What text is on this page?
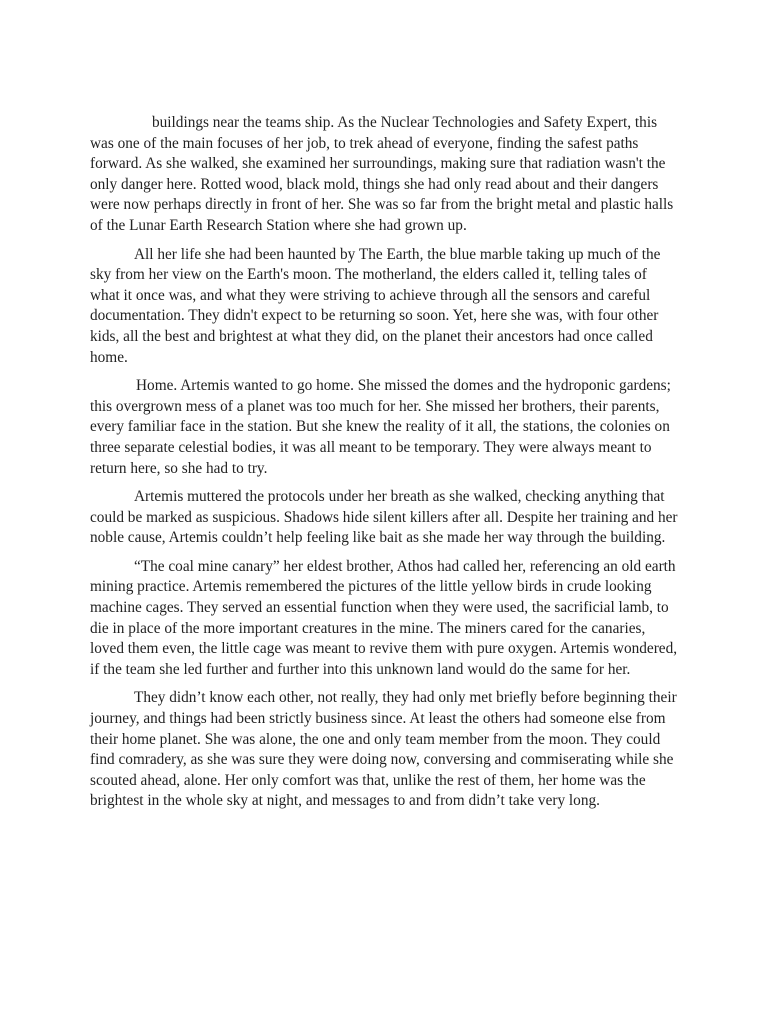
buildings near the teams ship. As the Nuclear Technologies and Safety Expert, this was one of the main focuses of her job, to trek ahead of everyone, finding the safest paths forward. As she walked, she examined her surroundings, making sure that radiation wasn't the only danger here. Rotted wood, black mold, things she had only read about and their dangers were now perhaps directly in front of her. She was so far from the bright metal and plastic halls of the Lunar Earth Research Station where she had grown up.

All her life she had been haunted by The Earth, the blue marble taking up much of the sky from her view on the Earth's moon. The motherland, the elders called it, telling tales of what it once was, and what they were striving to achieve through all the sensors and careful documentation. They didn't expect to be returning so soon. Yet, here she was, with four other kids, all the best and brightest at what they did, on the planet their ancestors had once called home.

Home. Artemis wanted to go home. She missed the domes and the hydroponic gardens; this overgrown mess of a planet was too much for her. She missed her brothers, their parents, every familiar face in the station. But she knew the reality of it all, the stations, the colonies on three separate celestial bodies, it was all meant to be temporary. They were always meant to return here, so she had to try.

Artemis muttered the protocols under her breath as she walked, checking anything that could be marked as suspicious. Shadows hide silent killers after all. Despite her training and her noble cause, Artemis couldn’t help feeling like bait as she made her way through the building.

“The coal mine canary” her eldest brother, Athos had called her, referencing an old earth mining practice. Artemis remembered the pictures of the little yellow birds in crude looking machine cages. They served an essential function when they were used, the sacrificial lamb, to die in place of the more important creatures in the mine. The miners cared for the canaries, loved them even, the little cage was meant to revive them with pure oxygen. Artemis wondered, if the team she led further and further into this unknown land would do the same for her.

They didn’t know each other, not really, they had only met briefly before beginning their journey, and things had been strictly business since. At least the others had someone else from their home planet. She was alone, the one and only team member from the moon. They could find comradery, as she was sure they were doing now, conversing and commiserating while she scouted ahead, alone. Her only comfort was that, unlike the rest of them, her home was the brightest in the whole sky at night, and messages to and from didn’t take very long.
